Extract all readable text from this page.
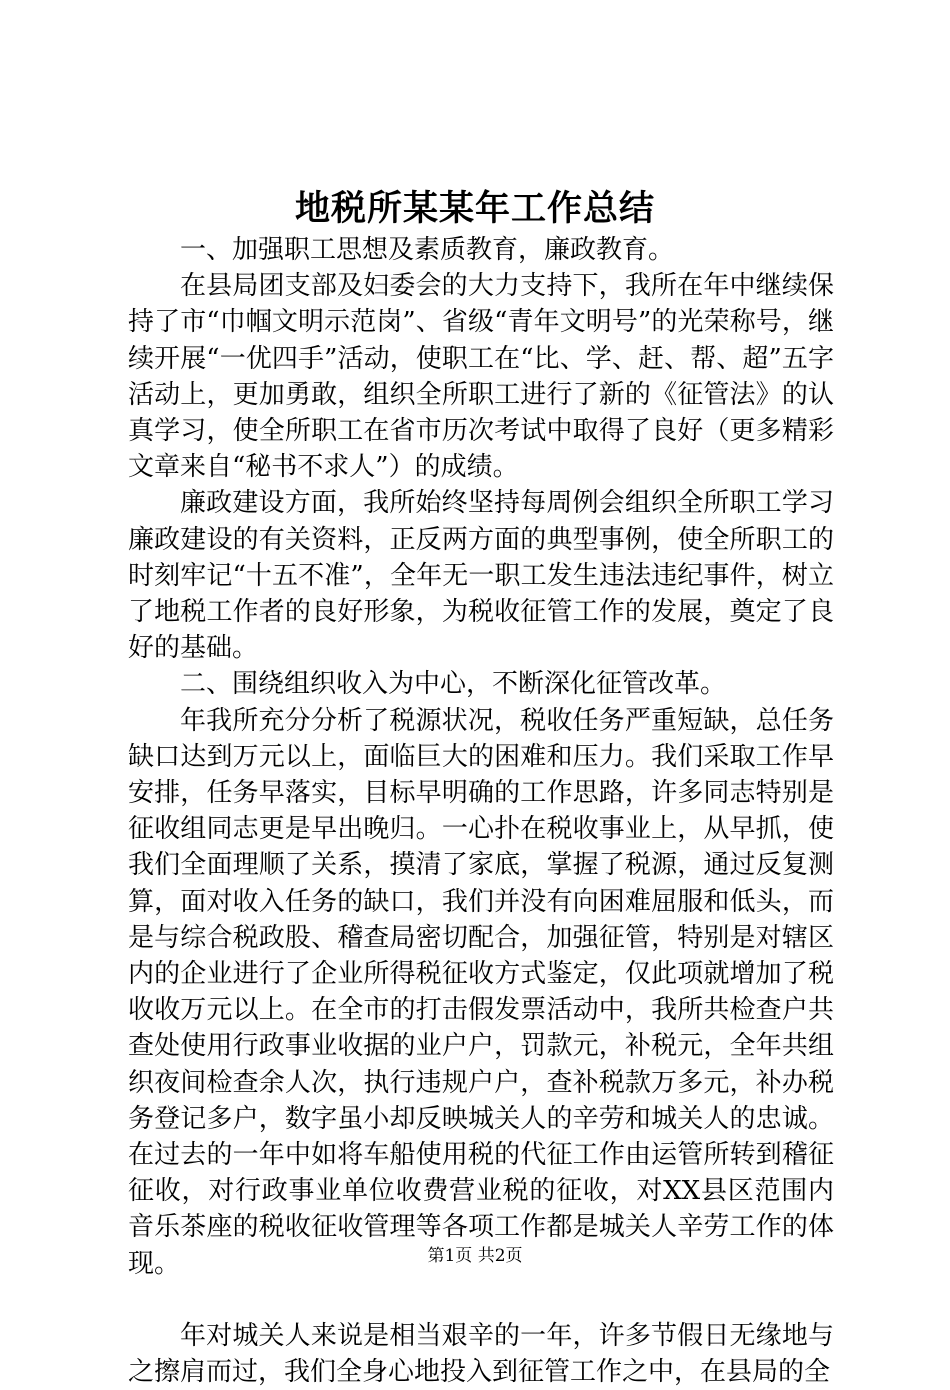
地税所某某年工作总结

一、加强职工思想及素质教育，廉政教育。

在县局团支部及妇委会的大力支持下，我所在年中继续保持了市“巾帼文明示范岗”、省级“青年文明号”的光荣称号，继续开展“一优四手”活动，使职工在“比、学、赶、帮、超”五字活动上，更加勇敢，组织全所职工进行了新的《征管法》的认真学习，使全所职工在省市历次考试中取得了良好（更多精彩文章来自“秘书不求人”）的成绩。

廉政建设方面，我所始终坚持每周例会组织全所职工学习廉政建设的有关资料，正反两方面的典型事例，使全所职工的时刻牢记“十五不准”，全年无一职工发生违法违纪事件，树立了地税工作者的良好形象，为税收征管工作的发展，奠定了良好的基础。

二、围绕组织收入为中心，不断深化征管改革。

年我所充分分析了税源状况，税收任务严重短缺，总任务缺口达到万元以上，面临巨大的困难和压力。我们采取工作早安排，任务早落实，目标早明确的工作思路，许多同志特别是征收组同志更是早出晚归。一心扑在税收事业上，从早抓，使我们全面理顺了关系，摸清了家底，掌握了税源，通过反复测算，面对收入任务的缺口，我们并没有向困难屈服和低头，而是与综合税政股、稽查局密切配合，加强征管，特别是对辖区内的企业进行了企业所得税征收方式鉴定，仅此项就增加了税收收万元以上。在全市的打击假发票活动中，我所共检查户共查处使用行政事业收据的业户户，罚款元，补税元，全年共组织夜间检查余人次，执行违规户户，查补税款万多元，补办税务登记多户，数字虽小却反映城关人的辛劳和城关人的忠诚。在过去的一年中如将车船使用税的代征工作由运管所转到稽征征收，对行政事业单位收费营业税的征收，对XX县区范围内音乐茶座的税收征收管理等各项工作都是城关人辛劳工作的体现。

年对城关人来说是相当艰辛的一年，许多节假日无缘地与之擦肩而过，我们全身心地投入到征管工作之中，在县局的全

第1页 共2页
